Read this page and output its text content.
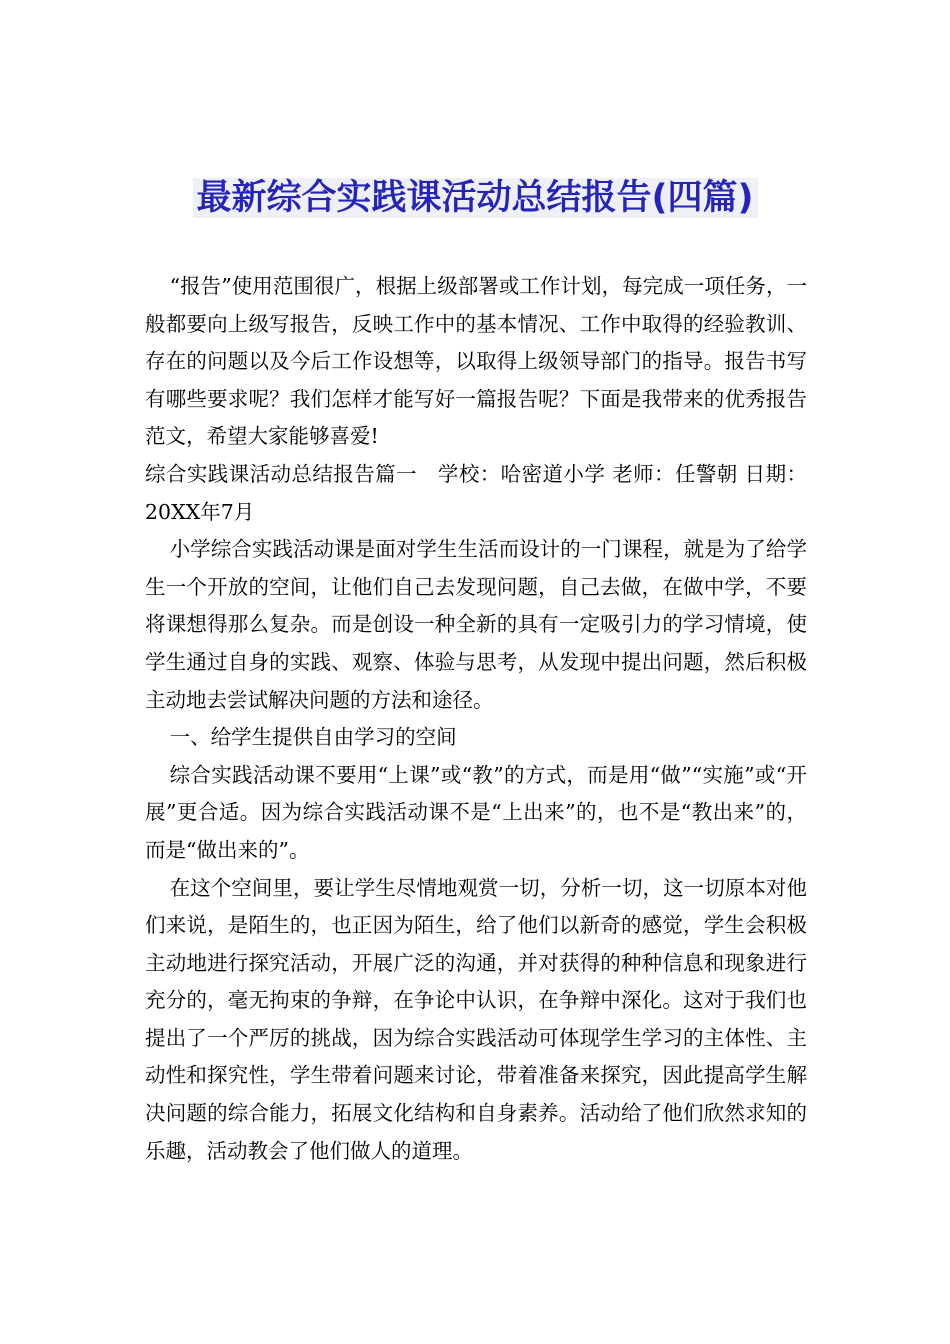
最新综合实践课活动总结报告(四篇)

“报告”使用范围很广，根据上级部署或工作计划，每完成一项任务，一般都要向上级写报告，反映工作中的基本情况、工作中取得的经验教训、存在的问题以及今后工作设想等，以取得上级领导部门的指导。报告书写有哪些要求呢？我们怎样才能写好一篇报告呢？下面是我带来的优秀报告范文，希望大家能够喜爱!

综合实践课活动总结报告篇一　学校：哈密道小学 老师：任警朝 日期：20XX年7月

小学综合实践活动课是面对学生生活而设计的一门课程，就是为了给学生一个开放的空间，让他们自己去发现问题，自己去做，在做中学，不要将课想得那么复杂。而是创设一种全新的具有一定吸引力的学习情境，使学生通过自身的实践、观察、体验与思考，从发现中提出问题，然后积极主动地去尝试解决问题的方法和途径。

一、给学生提供自由学习的空间

综合实践活动课不要用“上课”或“教”的方式，而是用“做”“实施”或“开展”更合适。因为综合实践活动课不是“上出来”的，也不是“教出来”的，而是“做出来的”。

在这个空间里，要让学生尽情地观赏一切，分析一切，这一切原本对他们来说，是陌生的，也正因为陌生，给了他们以新奇的感觉，学生会积极主动地进行探究活动，开展广泛的沟通，并对获得的种种信息和现象进行充分的，毫无拘束的争辩，在争论中认识，在争辩中深化。这对于我们也提出了一个严厉的挑战，因为综合实践活动可体现学生学习的主体性、主动性和探究性，学生带着问题来讨论，带着准备来探究，因此提高学生解决问题的综合能力，拓展文化结构和自身素养。活动给了他们欣然求知的乐趣，活动教会了他们做人的道理。
